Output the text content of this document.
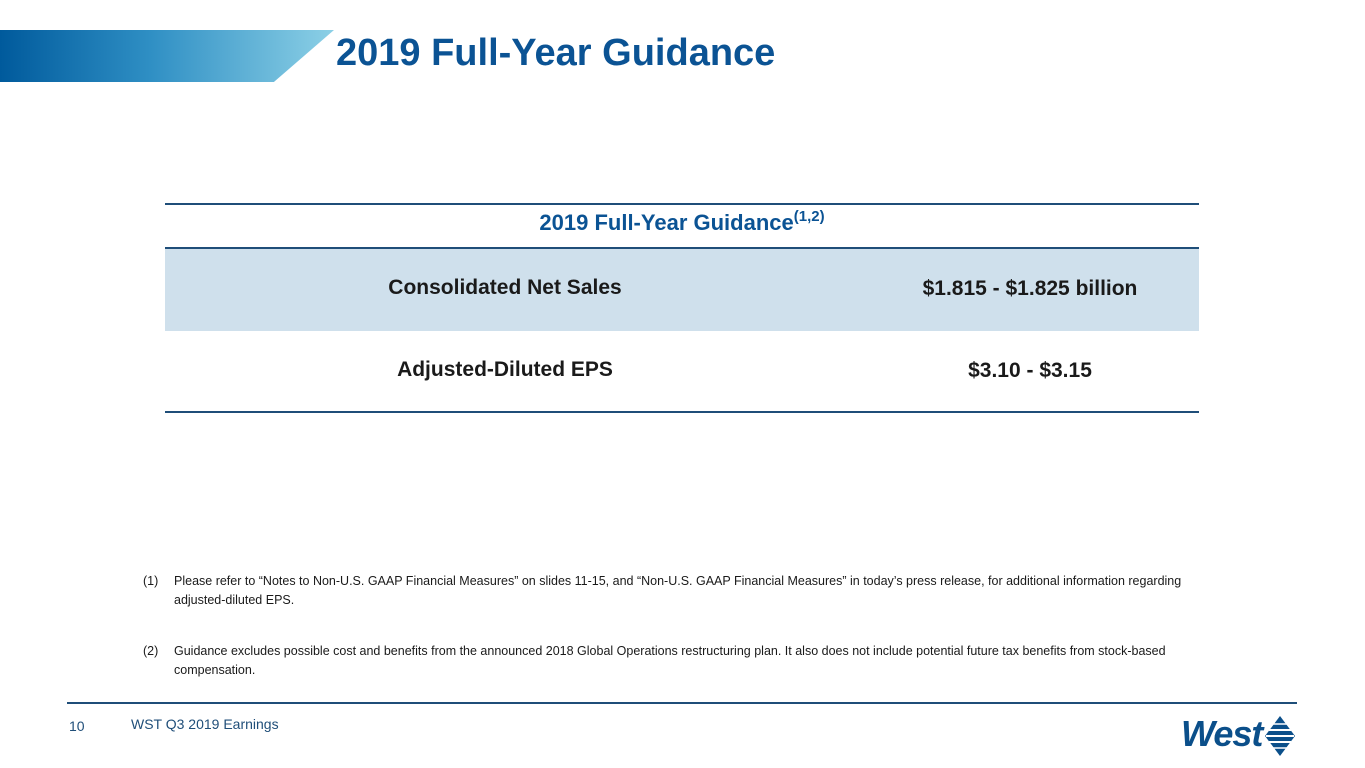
2019 Full-Year Guidance
2019 Full-Year Guidance$^{(1,2)}$
Consolidated Net Sales	$1.815 - $1.825 billion
Adjusted-Diluted EPS	$3.10 - $3.15
(1) Please refer to “Notes to Non-U.S. GAAP Financial Measures” on slides 11-15, and “Non-U.S. GAAP Financial Measures” in today’s press release, for additional information regarding adjusted-diluted EPS.
(2) Guidance excludes possible cost and benefits from the announced 2018 Global Operations restructuring plan. It also does not include potential future tax benefits from stock-based compensation.
10	WST Q3 2019 Earnings	West
